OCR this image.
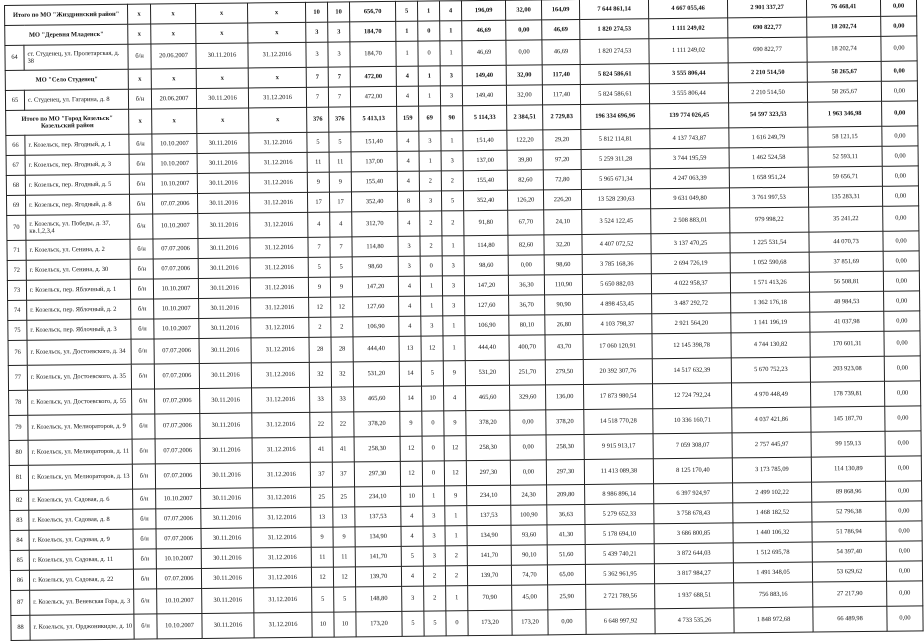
Итого по МО "Жиздринский район"		x	x	x	x	10	10	656,70	5	1	4	196,09	32,00	164,09	7 644 861,14	4 667 055,46	2 901 337,27	76 468,41	0,00
МО "Деревня Младенск"		x	x	x	x	3	3	184,70	1	0	1	46,69	0,00	46,69	1 820 274,53	1 111 249,02	690 822,77	18 202,74	0,00
64	ст. Студенец, ул. Пролетарская, д. 38	б/н	20.06.2007	30.11.2016	31.12.2016	3	3	184,70	1	0	1	46,69	0,00	46,69	1 820 274,53	1 111 249,02	690 822,77	18 202,74	0,00
МО "Село Студенец"		x	x	x	x	7	7	472,00	4	1	3	149,40	32,00	117,40	5 824 586,61	3 555 806,44	2 210 514,50	58 265,67	0,00
65	с. Студенец, ул. Гагарина, д. 8	б/н	20.06.2007	30.11.2016	31.12.2016	7	7	472,00	4	1	3	149,40	32,00	117,40	5 824 586,61	3 555 806,44	2 210 514,50	58 265,67	0,00
Итого по МО "Город Козельск" Козельский район		x	x	x	x	376	376	5 413,13	159	69	90	5 114,33	2 384,51	2 729,83	196 334 696,96	139 774 026,45	54 597 323,53	1 963 346,98	0,00
66	г. Козельск, пер. Ягодный, д. 1	б/н	10.10.2007	30.11.2016	31.12.2016	5	5	151,40	4	3	1	151,40	122,20	29,20	5 812 114,81	4 137 743,87	1 616 249,79	58 121,15	0,00
67	г. Козельск, пер. Ягодный, д. 3	б/н	10.10.2007	30.11.2016	31.12.2016	11	11	137,00	4	1	3	137,00	39,80	97,20	5 259 311,28	3 744 195,59	1 462 524,58	52 593,11	0,00
68	г. Козельск, пер. Ягодный, д. 5	б/н	10.10.2007	30.11.2016	31.12.2016	9	9	155,40	4	2	2	155,40	82,60	72,80	5 965 671,34	4 247 063,39	1 658 951,24	59 656,71	0,00
69	г. Козельск, пер. Ягодный, д. 8	б/н	07.07.2006	30.11.2016	31.12.2016	17	17	352,40	8	3	5	352,40	126,20	226,20	13 528 230,63	9 631 049,80	3 761 997,53	135 283,31	0,00
70	г. Козельск, ул. Победы, д. 37, кв.1,2,3,4	б/н	10.10.2007	30.11.2016	31.12.2016	4	4	312,70	4	2	2	91,80	67,70	24,10	3 524 122,45	2 508 883,01	979 998,22	35 241,22	0,00
71	г. Козельск, ул. Сенина, д. 2	б/н	07.07.2006	30.11.2016	31.12.2016	7	7	114,80	3	2	1	114,80	82,60	32,20	4 407 072,52	3 137 470,25	1 225 531,54	44 070,73	0,00
72	г. Козельск, ул. Сенина, д. 30	б/н	07.07.2006	30.11.2016	31.12.2016	5	5	98,60	3	0	3	98,60	0,00	98,60	3 785 168,36	2 694 726,19	1 052 590,68	37 851,69	0,00
73	г. Козельск, пер. Яблочный, д. 1	б/н	10.10.2007	30.11.2016	31.12.2016	9	9	147,20	4	1	3	147,20	36,30	110,90	5 650 882,03	4 022 958,37	1 571 413,26	56 508,81	0,00
74	г. Козельск, пер. Яблочный, д. 2	б/н	10.10.2007	30.11.2016	31.12.2016	12	12	127,60	4	1	3	127,60	36,70	90,90	4 898 453,45	3 487 292,72	1 362 176,18	48 984,53	0,00
75	г. Козельск, пер. Яблочный, д. 3	б/н	10.10.2007	30.11.2016	31.12.2016	2	2	106,90	4	3	1	106,90	80,10	26,80	4 103 798,37	2 921 564,20	1 141 196,19	41 037,98	0,00
76	г. Козельск, ул. Достоевского, д. 34	б/н	07.07.2006	30.11.2016	31.12.2016	28	28	444,40	13	12	1	444,40	400,70	43,70	17 060 120,91	12 145 398,78	4 744 130,82	170 601,31	0,00
77	г. Козельск, ул. Достоевского, д. 35	б/н	07.07.2006	30.11.2016	31.12.2016	32	32	531,20	14	5	9	531,20	251,70	279,50	20 392 307,76	14 517 632,39	5 670 752,23	203 923,08	0,00
78	г. Козельск, ул. Достоевского, д. 55	б/н	07.07.2006	30.11.2016	31.12.2016	33	33	465,60	14	10	4	465,60	329,60	136,00	17 873 980,54	12 724 792,24	4 970 448,49	178 739,81	0,00
79	г. Козельск, ул. Мелиораторов, д. 9	б/н	07.07.2006	30.11.2016	31.12.2016	22	22	378,20	9	0	9	378,20	0,00	378,20	14 518 770,28	10 336 160,71	4 037 421,86	145 187,70	0,00
80	г. Козельск, ул. Мелиораторов, д. 11	б/н	07.07.2006	30.11.2016	31.12.2016	41	41	258,30	12	0	12	258,30	0,00	258,30	9 915 913,17	7 059 308,07	2 757 445,97	99 159,13	0,00
81	г. Козельск, ул. Мелиораторов, д. 13	б/н	07.07.2006	30.11.2016	31.12.2016	37	37	297,30	12	0	12	297,30	0,00	297,30	11 413 089,38	8 125 170,40	3 173 785,09	114 130,89	0,00
82	г. Козельск, ул. Садовая, д. 6	б/н	10.10.2007	30.11.2016	31.12.2016	25	25	234,10	10	1	9	234,10	24,30	209,80	8 986 896,14	6 397 924,97	2 499 102,22	89 868,96	0,00
83	г. Козельск, ул. Садовая, д. 8	б/н	07.07.2006	30.11.2016	31.12.2016	13	13	137,53	4	3	1	137,53	100,90	36,63	5 279 652,33	3 758 678,43	1 468 182,52	52 796,38	0,00
84	г. Козельск, ул. Садовая, д. 9	б/н	07.07.2006	30.11.2016	31.12.2016	9	9	134,90	4	3	1	134,90	93,60	41,30	5 178 694,10	3 686 800,85	1 440 106,32	51 786,94	0,00
85	г. Козельск, ул. Садовая, д. 11	б/н	10.10.2007	30.11.2016	31.12.2016	11	11	141,70	5	3	2	141,70	90,10	51,60	5 439 740,21	3 872 644,03	1 512 695,78	54 397,40	0,00
86	г. Козельск, ул. Садовая, д. 22	б/н	07.07.2006	30.11.2016	31.12.2016	12	12	139,70	4	2	2	139,70	74,70	65,00	5 362 961,95	3 817 984,27	1 491 348,05	53 629,62	0,00
87	г. Козельск, ул. Веневская Гора, д. 3	б/н	10.10.2007	30.11.2016	31.12.2016	5	5	148,80	3	2	1	70,90	45,00	25,90	2 721 789,56	1 937 688,51	756 883,16	27 217,90	0,00
88	г. Козельск, ул. Орджоникидзе, д. 10	б/н	10.10.2007	30.11.2016	31.12.2016	10	10	173,20	5	5	0	173,20	173,20	0,00	6 648 997,92	4 733 535,26	1 848 972,68	66 489,98	0,00
